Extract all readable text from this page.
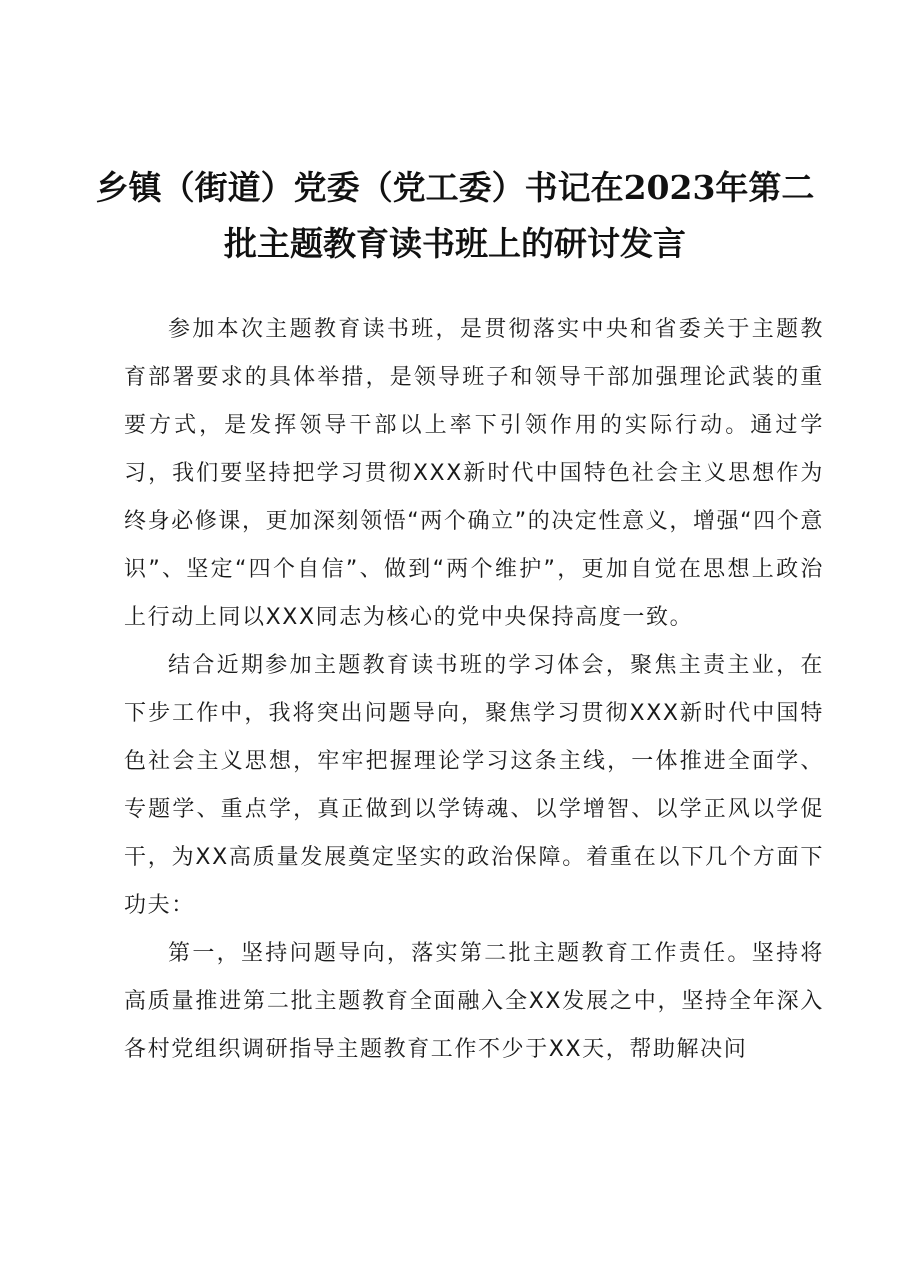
乡镇（街道）党委（党工委）书记在2023年第二
批主题教育读书班上的研讨发言

参加本次主题教育读书班，是贯彻落实中央和省委关于主题教育部署要求的具体举措，是领导班子和领导干部加强理论武装的重要方式，是发挥领导干部以上率下引领作用的实际行动。通过学习，我们要坚持把学习贯彻XXX新时代中国特色社会主义思想作为终身必修课，更加深刻领悟“两个确立”的决定性意义，增强“四个意识”、坚定“四个自信”、做到“两个维护”，更加自觉在思想上政治上行动上同以XXX同志为核心的党中央保持高度一致。

结合近期参加主题教育读书班的学习体会，聚焦主责主业，在下步工作中，我将突出问题导向，聚焦学习贯彻XXX新时代中国特色社会主义思想，牢牢把握理论学习这条主线，一体推进全面学、专题学、重点学，真正做到以学铸魂、以学增智、以学正风以学促干，为XX高质量发展奠定坚实的政治保障。着重在以下几个方面下功夫：

第一，坚持问题导向，落实第二批主题教育工作责任。坚持将高质量推进第二批主题教育全面融入全XX发展之中，坚持全年深入各村党组织调研指导主题教育工作不少于XX天，帮助解决问
